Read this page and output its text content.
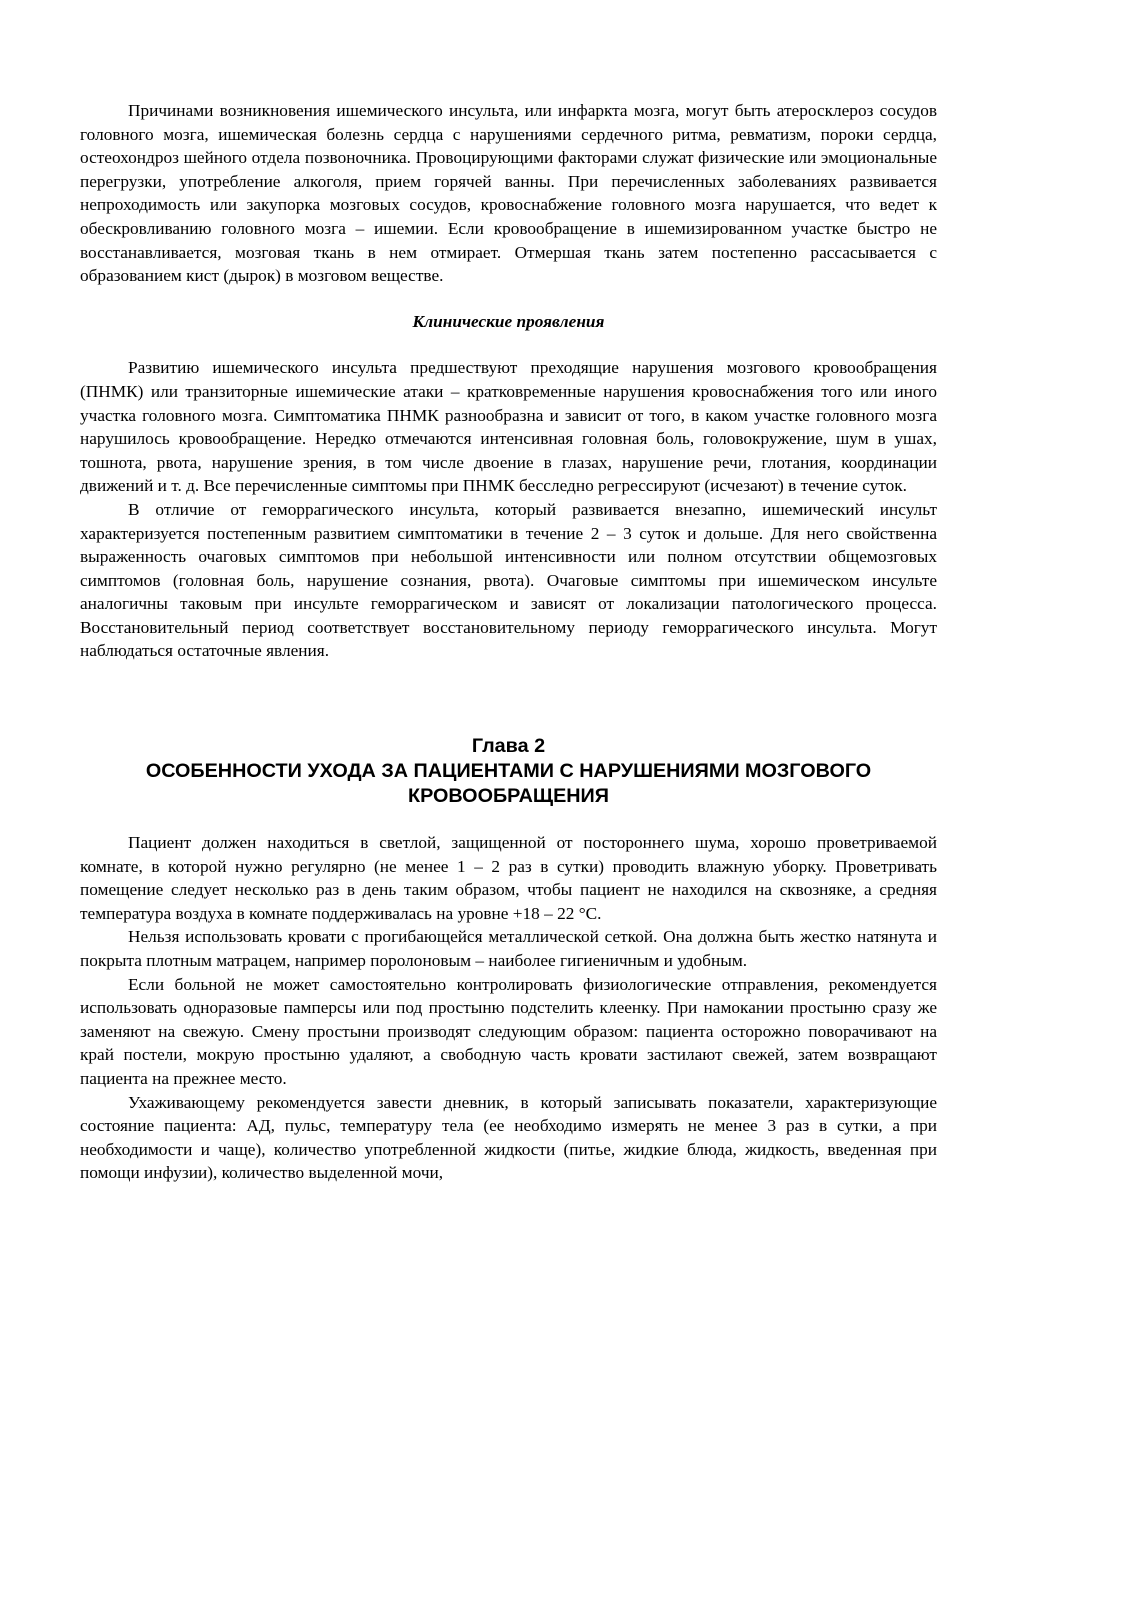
Причинами возникновения ишемического инсульта, или инфаркта мозга, могут быть атеросклероз сосудов головного мозга, ишемическая болезнь сердца с нарушениями сердечного ритма, ревматизм, пороки сердца, остеохондроз шейного отдела позвоночника. Провоцирующими факторами служат физические или эмоциональные перегрузки, употребление алкоголя, прием горячей ванны. При перечисленных заболеваниях развивается непроходимость или закупорка мозговых сосудов, кровоснабжение головного мозга нарушается, что ведет к обескровливанию головного мозга – ишемии. Если кровообращение в ишемизированном участке быстро не восстанавливается, мозговая ткань в нем отмирает. Отмершая ткань затем постепенно рассасывается с образованием кист (дырок) в мозговом веществе.

Клинические проявления

Развитию ишемического инсульта предшествуют преходящие нарушения мозгового кровообращения (ПНМК) или транзиторные ишемические атаки – кратковременные нарушения кровоснабжения того или иного участка головного мозга. Симптоматика ПНМК разнообразна и зависит от того, в каком участке головного мозга нарушилось кровообращение. Нередко отмечаются интенсивная головная боль, головокружение, шум в ушах, тошнота, рвота, нарушение зрения, в том числе двоение в глазах, нарушение речи, глотания, координации движений и т. д. Все перечисленные симптомы при ПНМК бесследно регрессируют (исчезают) в течение суток.

В отличие от геморрагического инсульта, который развивается внезапно, ишемический инсульт характеризуется постепенным развитием симптоматики в течение 2 – 3 суток и дольше. Для него свойственна выраженность очаговых симптомов при небольшой интенсивности или полном отсутствии общемозговых симптомов (головная боль, нарушение сознания, рвота). Очаговые симптомы при ишемическом инсульте аналогичны таковым при инсульте геморрагическом и зависят от локализации патологического процесса. Восстановительный период соответствует восстановительному периоду геморрагического инсульта. Могут наблюдаться остаточные явления.

Глава 2
ОСОБЕННОСТИ УХОДА ЗА ПАЦИЕНТАМИ С НАРУШЕНИЯМИ МОЗГОВОГО
КРОВООБРАЩЕНИЯ

Пациент должен находиться в светлой, защищенной от постороннего шума, хорошо проветриваемой комнате, в которой нужно регулярно (не менее 1 – 2 раз в сутки) проводить влажную уборку. Проветривать помещение следует несколько раз в день таким образом, чтобы пациент не находился на сквозняке, а средняя температура воздуха в комнате поддерживалась на уровне +18 – 22 °С.

Нельзя использовать кровати с прогибающейся металлической сеткой. Она должна быть жестко натянута и покрыта плотным матрацем, например поролоновым – наиболее гигиеничным и удобным.

Если больной не может самостоятельно контролировать физиологические отправления, рекомендуется использовать одноразовые памперсы или под простыню подстелить клеенку. При намокании простыню сразу же заменяют на свежую. Смену простыни производят следующим образом: пациента осторожно поворачивают на край постели, мокрую простыню удаляют, а свободную часть кровати застилают свежей, затем возвращают пациента на прежнее место.

Ухаживающему рекомендуется завести дневник, в который записывать показатели, характеризующие состояние пациента: АД, пульс, температуру тела (ее необходимо измерять не менее 3 раз в сутки, а при необходимости и чаще), количество употребленной жидкости (питье, жидкие блюда, жидкость, введенная при помощи инфузии), количество выделенной мочи,
